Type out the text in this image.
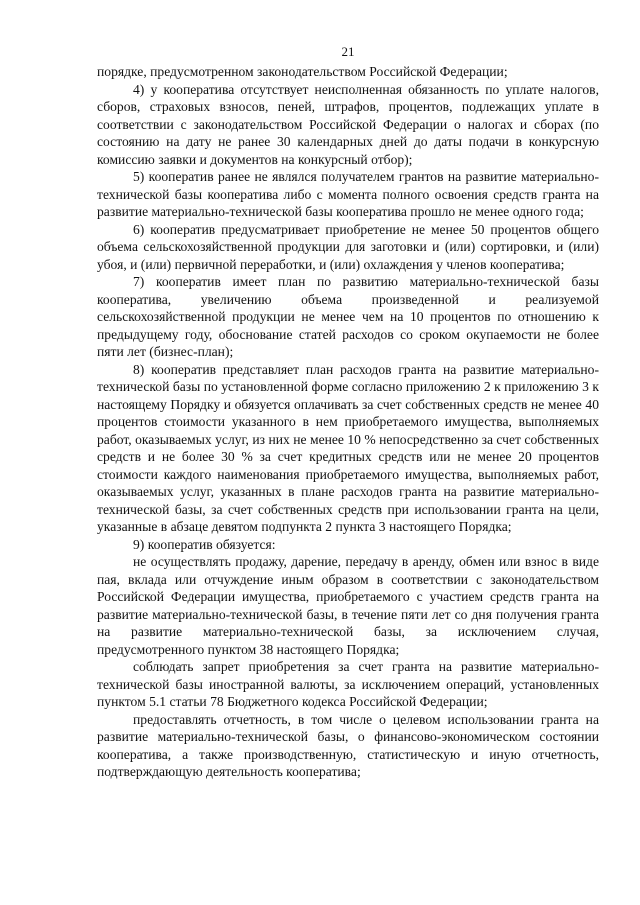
21

порядке, предусмотренном законодательством Российской Федерации;

4) у кооператива отсутствует неисполненная обязанность по уплате налогов, сборов, страховых взносов, пеней, штрафов, процентов, подлежащих уплате в соответствии с законодательством Российской Федерации о налогах и сборах (по состоянию на дату не ранее 30 календарных дней до даты подачи в конкурсную комиссию заявки и документов на конкурсный отбор);

5) кооператив ранее не являлся получателем грантов на развитие материально-технической базы кооператива либо с момента полного освоения средств гранта на развитие материально-технической базы кооператива прошло не менее одного года;

6) кооператив предусматривает приобретение не менее 50 процентов общего объема сельскохозяйственной продукции для заготовки и (или) сортировки, и (или) убоя, и (или) первичной переработки, и (или) охлаждения у членов кооператива;

7) кооператив имеет план по развитию материально-технической базы кооператива, увеличению объема произведенной и реализуемой сельскохозяйственной продукции не менее чем на 10 процентов по отношению к предыдущему году, обоснование статей расходов со сроком окупаемости не более пяти лет (бизнес-план);

8) кооператив представляет план расходов гранта на развитие материально-технической базы по установленной форме согласно приложению 2 к приложению 3 к настоящему Порядку и обязуется оплачивать за счет собственных средств не менее 40 процентов стоимости указанного в нем приобретаемого имущества, выполняемых работ, оказываемых услуг, из них не менее 10 % непосредственно за счет собственных средств и не более 30 % за счет кредитных средств или не менее 20 процентов стоимости каждого наименования приобретаемого имущества, выполняемых работ, оказываемых услуг, указанных в плане расходов гранта на развитие материально-технической базы, за счет собственных средств при использовании гранта на цели, указанные в абзаце девятом подпункта 2 пункта 3 настоящего Порядка;

9) кооператив обязуется:

не осуществлять продажу, дарение, передачу в аренду, обмен или взнос в виде пая, вклада или отчуждение иным образом в соответствии с законодательством Российской Федерации имущества, приобретаемого с участием средств гранта на развитие материально-технической базы, в течение пяти лет со дня получения гранта на развитие материально-технической базы, за исключением случая, предусмотренного пунктом 38 настоящего Порядка;

соблюдать запрет приобретения за счет гранта на развитие материально-технической базы иностранной валюты, за исключением операций, установленных пунктом 5.1 статьи 78 Бюджетного кодекса Российской Федерации;

предоставлять отчетность, в том числе о целевом использовании гранта на развитие материально-технической базы, о финансово-экономическом состоянии кооператива, а также производственную, статистическую и иную отчетность, подтверждающую деятельность кооператива;
